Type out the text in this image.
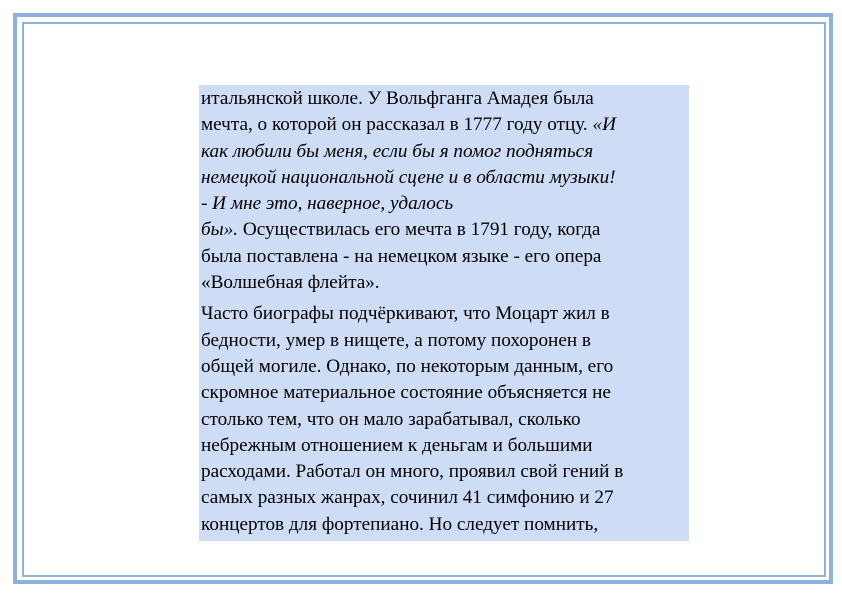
итальянской школе. У Вольфганга Амадея была
мечта, о которой он рассказал в 1777 году отцу. «И
как любили бы меня, если бы я помог подняться
немецкой национальной сцене и в области музыки!
- И мне это, наверное, удалось
бы». Осуществилась его мечта в 1791 году, когда
была поставлена - на немецком языке - его опера
«Волшебная флейта».

Часто биографы подчёркивают, что Моцарт жил в
бедности, умер в нищете, а потому похоронен в
общей могиле. Однако, по некоторым данным, его
скромное материальное состояние объясняется не
столько тем, что он мало зарабатывал, сколько
небрежным отношением к деньгам и большими
расходами. Работал он много, проявил свой гений в
самых разных жанрах, сочинил 41 симфонию и 27
концертов для фортепиано. Но следует помнить,
